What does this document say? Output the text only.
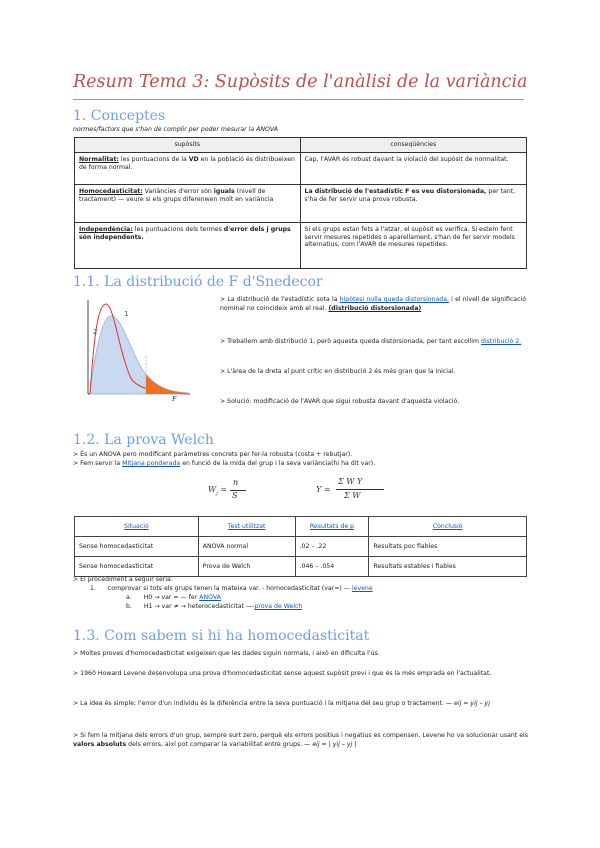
Resum Tema 3: Supòsits de l'anàlisi de la variància
1. Conceptes

normes/factors que s'han de complir per poder mesurar la ANOVA

supòsits	conseqüències
Normalitat: les puntuacions de la VD en la població és distribueixen de forma normal.	Cap, l'AVAR és robust davant la violació del supòsit de normalitat.
Homocedasticitat: Variàncies d'error són iguals (nivell de tractament) — veure si els grups diferenwen molt en variància	La distribució de l'estadístic F es veu distorsionada, per tant, s'ha de fer servir una prova robusta.
Independència: les puntuacions dels termes d'error dels j grups són independents.	Si els grups estan fets a l'atzar, el supòsit es verifica. Si estem fent servir mesures repetides o aparellament, s'han de fer servir models alternatius, com l'AVAR de mesures repetides.
1.1. La distribució de F d'Snedecor
1
2
F

> La distribució de l'estadístic sota la hipòtesi nulla queda distorsionada, i el nivell de significació nominal no coincideix amb el real. (distribució distorsionada)

> Treballem amb distribució 1, però aquesta queda distorsionada, per tant escollim distribució 2.

> L'àrea de la dreta al punt crític en distribució 2 és més gran que la inicial.

> Solució: modificació de l'AVAR que sigui robusta davant d'aquesta violació.

1.2. La prova Welch

> És un ANOVA pero modificant paràmetres concrets per fer-la robusta (costa + rebutjar).

> Fem servir la Mitjana ponderada en funció de la mida del grup i la seva variància(hi ha dit var).

$W_j$ =
n
S
Y =
Σ W Y
Σ W
Situació	Test utilitzat	Resultats de p	Conclusió
Sense homocedasticitat	ANOVA normal	.02 – .22	Resultats poc fiables
Sense homocedasticitat	Prova de Welch	.046 – .054	Resultats estables i fiables

> El procediment a seguir seria:

1. comprovar si tots els grups tenen la mateixa var. - homocedasticitat (var=) — levene

a. H0 → var = — fer ANOVA

b. H1 → var ≠ → heterocedasticitat —-prova de Welch

1.3. Com sabem si hi ha homocedasticitat

> Moltes proves d'homocedasticitat exigeixen que les dades siguin normals, i això en dificulta l'ús.

> 1960 Howard Levene desenvolupa una prova d'homocedasticitat sense aquest supòsit previ i que és la més emprada en l'actualitat.

> La idea és simple; l'error d'un individu és la diferència entre la seva puntuació i la mitjana del seu grup o tractament. — eij = yij – yj

> Si fem la mitjana dels errors d'un grup, sempre surt zero, perquè els errors positius i negatius es compensen. Levene ho va solucionar usant els valors absoluts dels errors, així pot comparar la variabilitat entre grups. — eij = | yij – yj |
